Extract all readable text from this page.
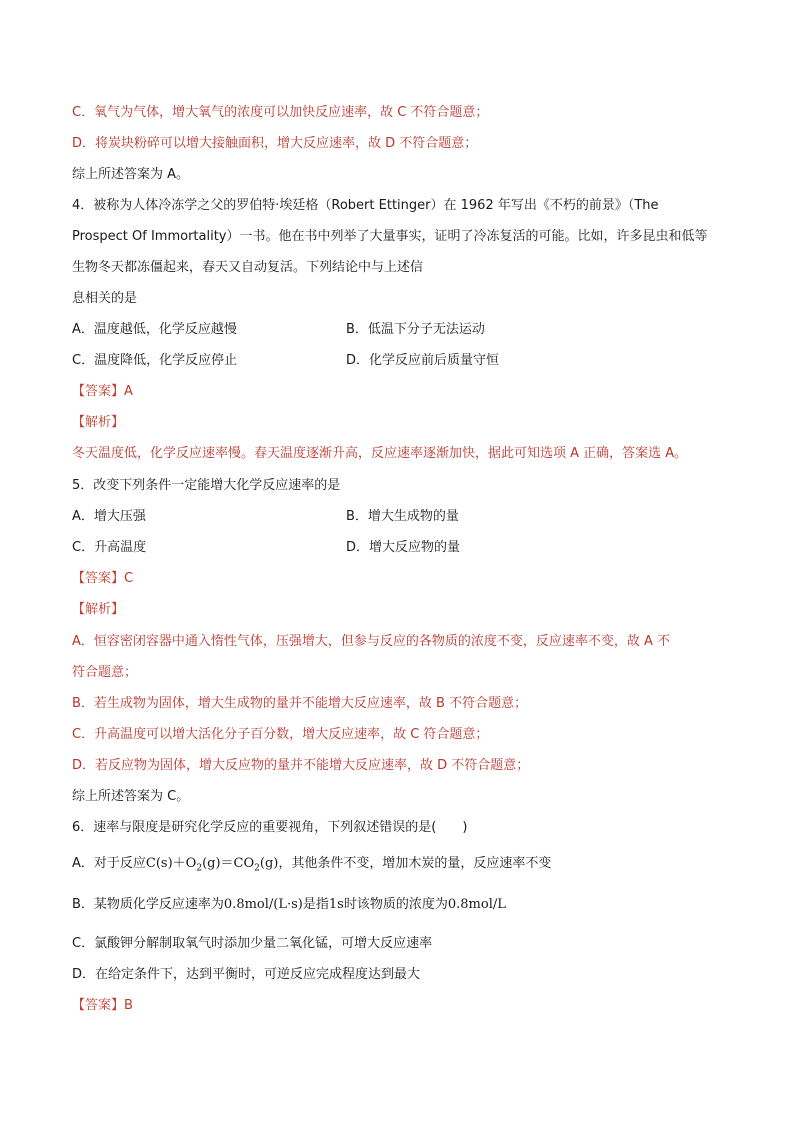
C．氧气为气体，增大氧气的浓度可以加快反应速率，故 C 不符合题意；
D．将炭块粉碎可以增大接触面积，增大反应速率，故 D 不符合题意；
综上所述答案为 A。
4．被称为人体冷冻学之父的罗伯特·埃廷格（Robert Ettinger）在 1962 年写出《不朽的前景》（The
Prospect Of Immortality）一书。他在书中列举了大量事实，证明了冷冻复活的可能。比如，许多昆虫和低等
生物冬天都冻僵起来，春天又自动复活。下列结论中与上述信
息相关的是
A．温度越低，化学反应越慢	B．低温下分子无法运动
C．温度降低，化学反应停止	D．化学反应前后质量守恒
【答案】A
【解析】
冬天温度低，化学反应速率慢。春天温度逐渐升高，反应速率逐渐加快，据此可知选项 A 正确，答案选 A。
5．改变下列条件一定能增大化学反应速率的是
A．增大压强	B．增大生成物的量
C．升高温度	D．增大反应物的量
【答案】C
【解析】
A．恒容密闭容器中通入惰性气体，压强增大，但参与反应的各物质的浓度不变，反应速率不变，故 A 不
符合题意；
B．若生成物为固体，增大生成物的量并不能增大反应速率，故 B 不符合题意；
C．升高温度可以增大活化分子百分数，增大反应速率，故 C 符合题意；
D．若反应物为固体，增大反应物的量并不能增大反应速率，故 D 不符合题意；
综上所述答案为 C。
6．速率与限度是研究化学反应的重要视角，下列叙述错误的是(　　)
A．对于反应$C(s)+O_2(g)=CO_2(g)$，其他条件不变，增加木炭的量，反应速率不变
B．某物质化学反应速率为0.8mol/(L·s)是指1s时该物质的浓度为0.8mol/L
C．氯酸钾分解制取氧气时添加少量二氧化锰，可增大反应速率
D．在给定条件下，达到平衡时，可逆反应完成程度达到最大
【答案】B
